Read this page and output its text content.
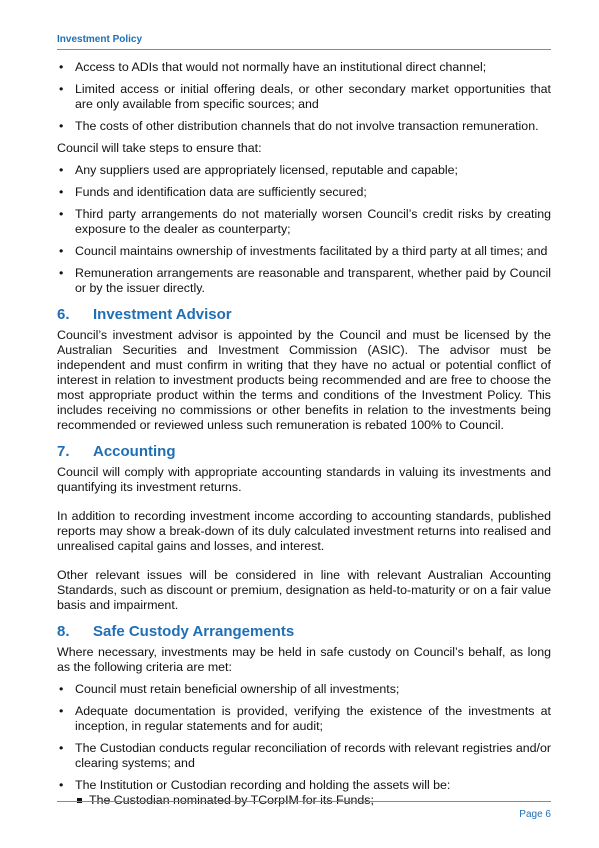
Investment Policy
• Access to ADIs that would not normally have an institutional direct channel;
• Limited access or initial offering deals, or other secondary market opportunities that are only available from specific sources; and
• The costs of other distribution channels that do not involve transaction remuneration.

Council will take steps to ensure that:

• Any suppliers used are appropriately licensed, reputable and capable;
• Funds and identification data are sufficiently secured;
• Third party arrangements do not materially worsen Council’s credit risks by creating exposure to the dealer as counterparty;
• Council maintains ownership of investments facilitated by a third party at all times; and
• Remuneration arrangements are reasonable and transparent, whether paid by Council or by the issuer directly.
6.	Investment Advisor

Council’s investment advisor is appointed by the Council and must be licensed by the Australian Securities and Investment Commission (ASIC). The advisor must be independent and must confirm in writing that they have no actual or potential conflict of interest in relation to investment products being recommended and are free to choose the most appropriate product within the terms and conditions of the Investment Policy. This includes receiving no commissions or other benefits in relation to the investments being recommended or reviewed unless such remuneration is rebated 100% to Council.

7.	Accounting

Council will comply with appropriate accounting standards in valuing its investments and quantifying its investment returns.

In addition to recording investment income according to accounting standards, published reports may show a break-down of its duly calculated investment returns into realised and unrealised capital gains and losses, and interest.

Other relevant issues will be considered in line with relevant Australian Accounting Standards, such as discount or premium, designation as held-to-maturity or on a fair value basis and impairment.

8.	Safe Custody Arrangements

Where necessary, investments may be held in safe custody on Council’s behalf, as long as the following criteria are met:

• Council must retain beneficial ownership of all investments;
• Adequate documentation is provided, verifying the existence of the investments at inception, in regular statements and for audit;
• The Custodian conducts regular reconciliation of records with relevant registries and/or clearing systems; and
• The Institution or Custodian recording and holding the assets will be:
The Custodian nominated by TCorpIM for its Funds;
Page 6
